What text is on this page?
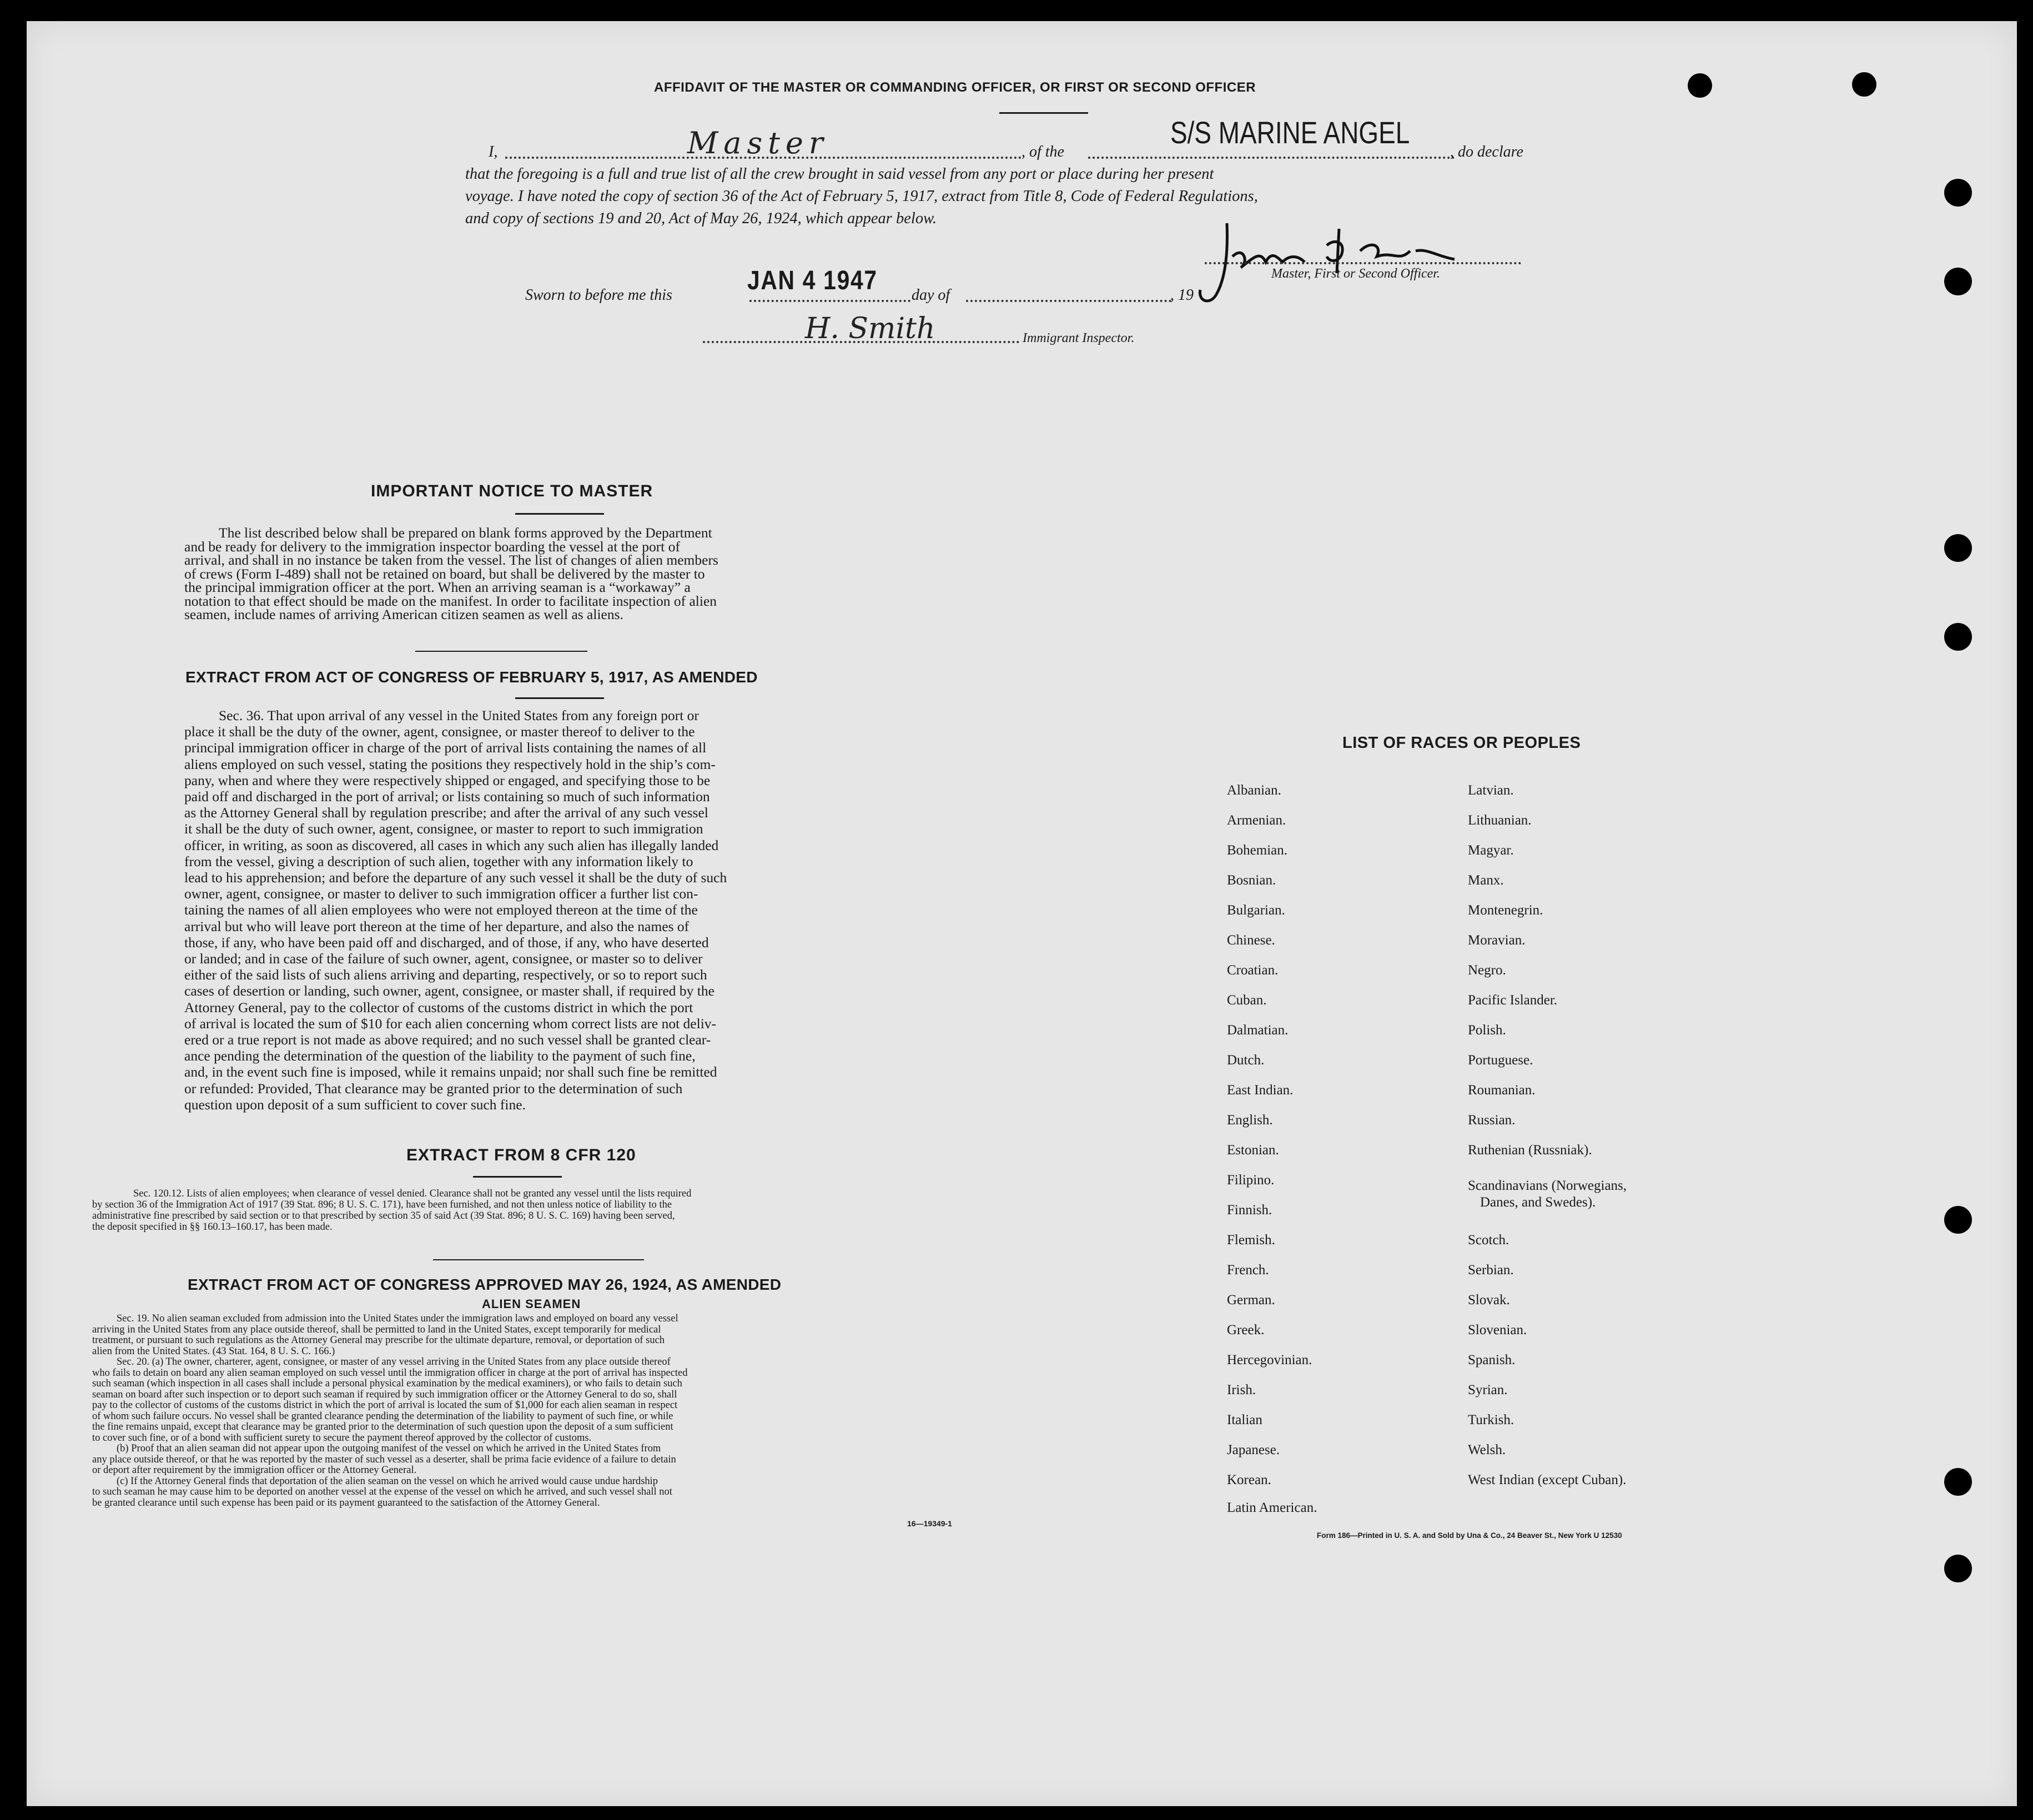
AFFIDAVIT OF THE MASTER OR COMMANDING OFFICER, OR FIRST OR SECOND OFFICER
I,	Master	, of the
S/S MARINE ANGEL
, do declare
that the foregoing is a full and true list of all the crew brought in said vessel from any port or place during her present
voyage. I have noted the copy of section 36 of the Act of February 5, 1917, extract from Title 8, Code of Federal Regulations,
and copy of sections 19 and 20, Act of May 26, 1924, which appear below.
Master, First or Second Officer.
Sworn to before me this	JAN 4 1947 day of	, 19
H. Smith	Immigrant Inspector.
IMPORTANT NOTICE TO MASTER
The list described below shall be prepared on blank forms approved by the Department
and be ready for delivery to the immigration inspector boarding the vessel at the port of
arrival, and shall in no instance be taken from the vessel. The list of changes of alien members
of crews (Form I-489) shall not be retained on board, but shall be delivered by the master to
the principal immigration officer at the port. When an arriving seaman is a “workaway” a
notation to that effect should be made on the manifest. In order to facilitate inspection of alien
seamen, include names of arriving American citizen seamen as well as aliens.
EXTRACT FROM ACT OF CONGRESS OF FEBRUARY 5, 1917, AS AMENDED
Sec. 36. That upon arrival of any vessel in the United States from any foreign port or
place it shall be the duty of the owner, agent, consignee, or master thereof to deliver to the
principal immigration officer in charge of the port of arrival lists containing the names of all
aliens employed on such vessel, stating the positions they respectively hold in the ship’s com-
pany, when and where they were respectively shipped or engaged, and specifying those to be
paid off and discharged in the port of arrival; or lists containing so much of such information
as the Attorney General shall by regulation prescribe; and after the arrival of any such vessel
it shall be the duty of such owner, agent, consignee, or master to report to such immigration
officer, in writing, as soon as discovered, all cases in which any such alien has illegally landed
from the vessel, giving a description of such alien, together with any information likely to
lead to his apprehension; and before the departure of any such vessel it shall be the duty of such
owner, agent, consignee, or master to deliver to such immigration officer a further list con-
taining the names of all alien employees who were not employed thereon at the time of the
arrival but who will leave port thereon at the time of her departure, and also the names of
those, if any, who have been paid off and discharged, and of those, if any, who have deserted
or landed; and in case of the failure of such owner, agent, consignee, or master so to deliver
either of the said lists of such aliens arriving and departing, respectively, or so to report such
cases of desertion or landing, such owner, agent, consignee, or master shall, if required by the
Attorney General, pay to the collector of customs of the customs district in which the port
of arrival is located the sum of $10 for each alien concerning whom correct lists are not deliv-
ered or a true report is not made as above required; and no such vessel shall be granted clear-
ance pending the determination of the question of the liability to the payment of such fine,
and, in the event such fine is imposed, while it remains unpaid; nor shall such fine be remitted
or refunded: Provided, That clearance may be granted prior to the determination of such
question upon deposit of a sum sufficient to cover such fine.
EXTRACT FROM 8 CFR 120
Sec. 120.12. Lists of alien employees; when clearance of vessel denied. Clearance shall not be granted any vessel until the lists required
by section 36 of the Immigration Act of 1917 (39 Stat. 896; 8 U. S. C. 171), have been furnished, and not then unless notice of liability to the
administrative fine prescribed by said section or to that prescribed by section 35 of said Act (39 Stat. 896; 8 U. S. C. 169) having been served,
the deposit specified in §§ 160.13–160.17, has been made.
EXTRACT FROM ACT OF CONGRESS APPROVED MAY 26, 1924, AS AMENDED
ALIEN SEAMEN
Sec. 19. No alien seaman excluded from admission into the United States under the immigration laws and employed on board any vessel
arriving in the United States from any place outside thereof, shall be permitted to land in the United States, except temporarily for medical
treatment, or pursuant to such regulations as the Attorney General may prescribe for the ultimate departure, removal, or deportation of such
alien from the United States. (43 Stat. 164, 8 U. S. C. 166.)
Sec. 20. (a) The owner, charterer, agent, consignee, or master of any vessel arriving in the United States from any place outside thereof
who fails to detain on board any alien seaman employed on such vessel until the immigration officer in charge at the port of arrival has inspected
such seaman (which inspection in all cases shall include a personal physical examination by the medical examiners), or who fails to detain such
seaman on board after such inspection or to deport such seaman if required by such immigration officer or the Attorney General to do so, shall
pay to the collector of customs of the customs district in which the port of arrival is located the sum of $1,000 for each alien seaman in respect
of whom such failure occurs. No vessel shall be granted clearance pending the determination of the liability to payment of such fine, or while
the fine remains unpaid, except that clearance may be granted prior to the determination of such question upon the deposit of a sum sufficient
to cover such fine, or of a bond with sufficient surety to secure the payment thereof approved by the collector of customs.
(b) Proof that an alien seaman did not appear upon the outgoing manifest of the vessel on which he arrived in the United States from
any place outside thereof, or that he was reported by the master of such vessel as a deserter, shall be prima facie evidence of a failure to detain
or deport after requirement by the immigration officer or the Attorney General.
(c) If the Attorney General finds that deportation of the alien seaman on the vessel on which he arrived would cause undue hardship
to such seaman he may cause him to be deported on another vessel at the expense of the vessel on which he arrived, and such vessel shall not
be granted clearance until such expense has been paid or its payment guaranteed to the satisfaction of the Attorney General.
16—19349-1
LIST OF RACES OR PEOPLES
Albanian.
Armenian.
Bohemian.
Bosnian.
Bulgarian.
Chinese.
Croatian.
Cuban.
Dalmatian.
Dutch.
East Indian.
English.
Estonian.
Filipino.
Finnish.
Flemish.
French.
German.
Greek.
Hercegovinian.
Irish.
Italian
Japanese.
Korean.
Latin American.
Latvian.
Lithuanian.
Magyar.
Manx.
Montenegrin.
Moravian.
Negro.
Pacific Islander.
Polish.
Portuguese.
Roumanian.
Russian.
Ruthenian (Russniak).
Scandinavians (Norwegians,
Danes, and Swedes).
Scotch.
Serbian.
Slovak.
Slovenian.
Spanish.
Syrian.
Turkish.
Welsh.
West Indian (except Cuban).
Form 186—Printed in U. S. A. and Sold by Una & Co., 24 Beaver St., New York U 12530
